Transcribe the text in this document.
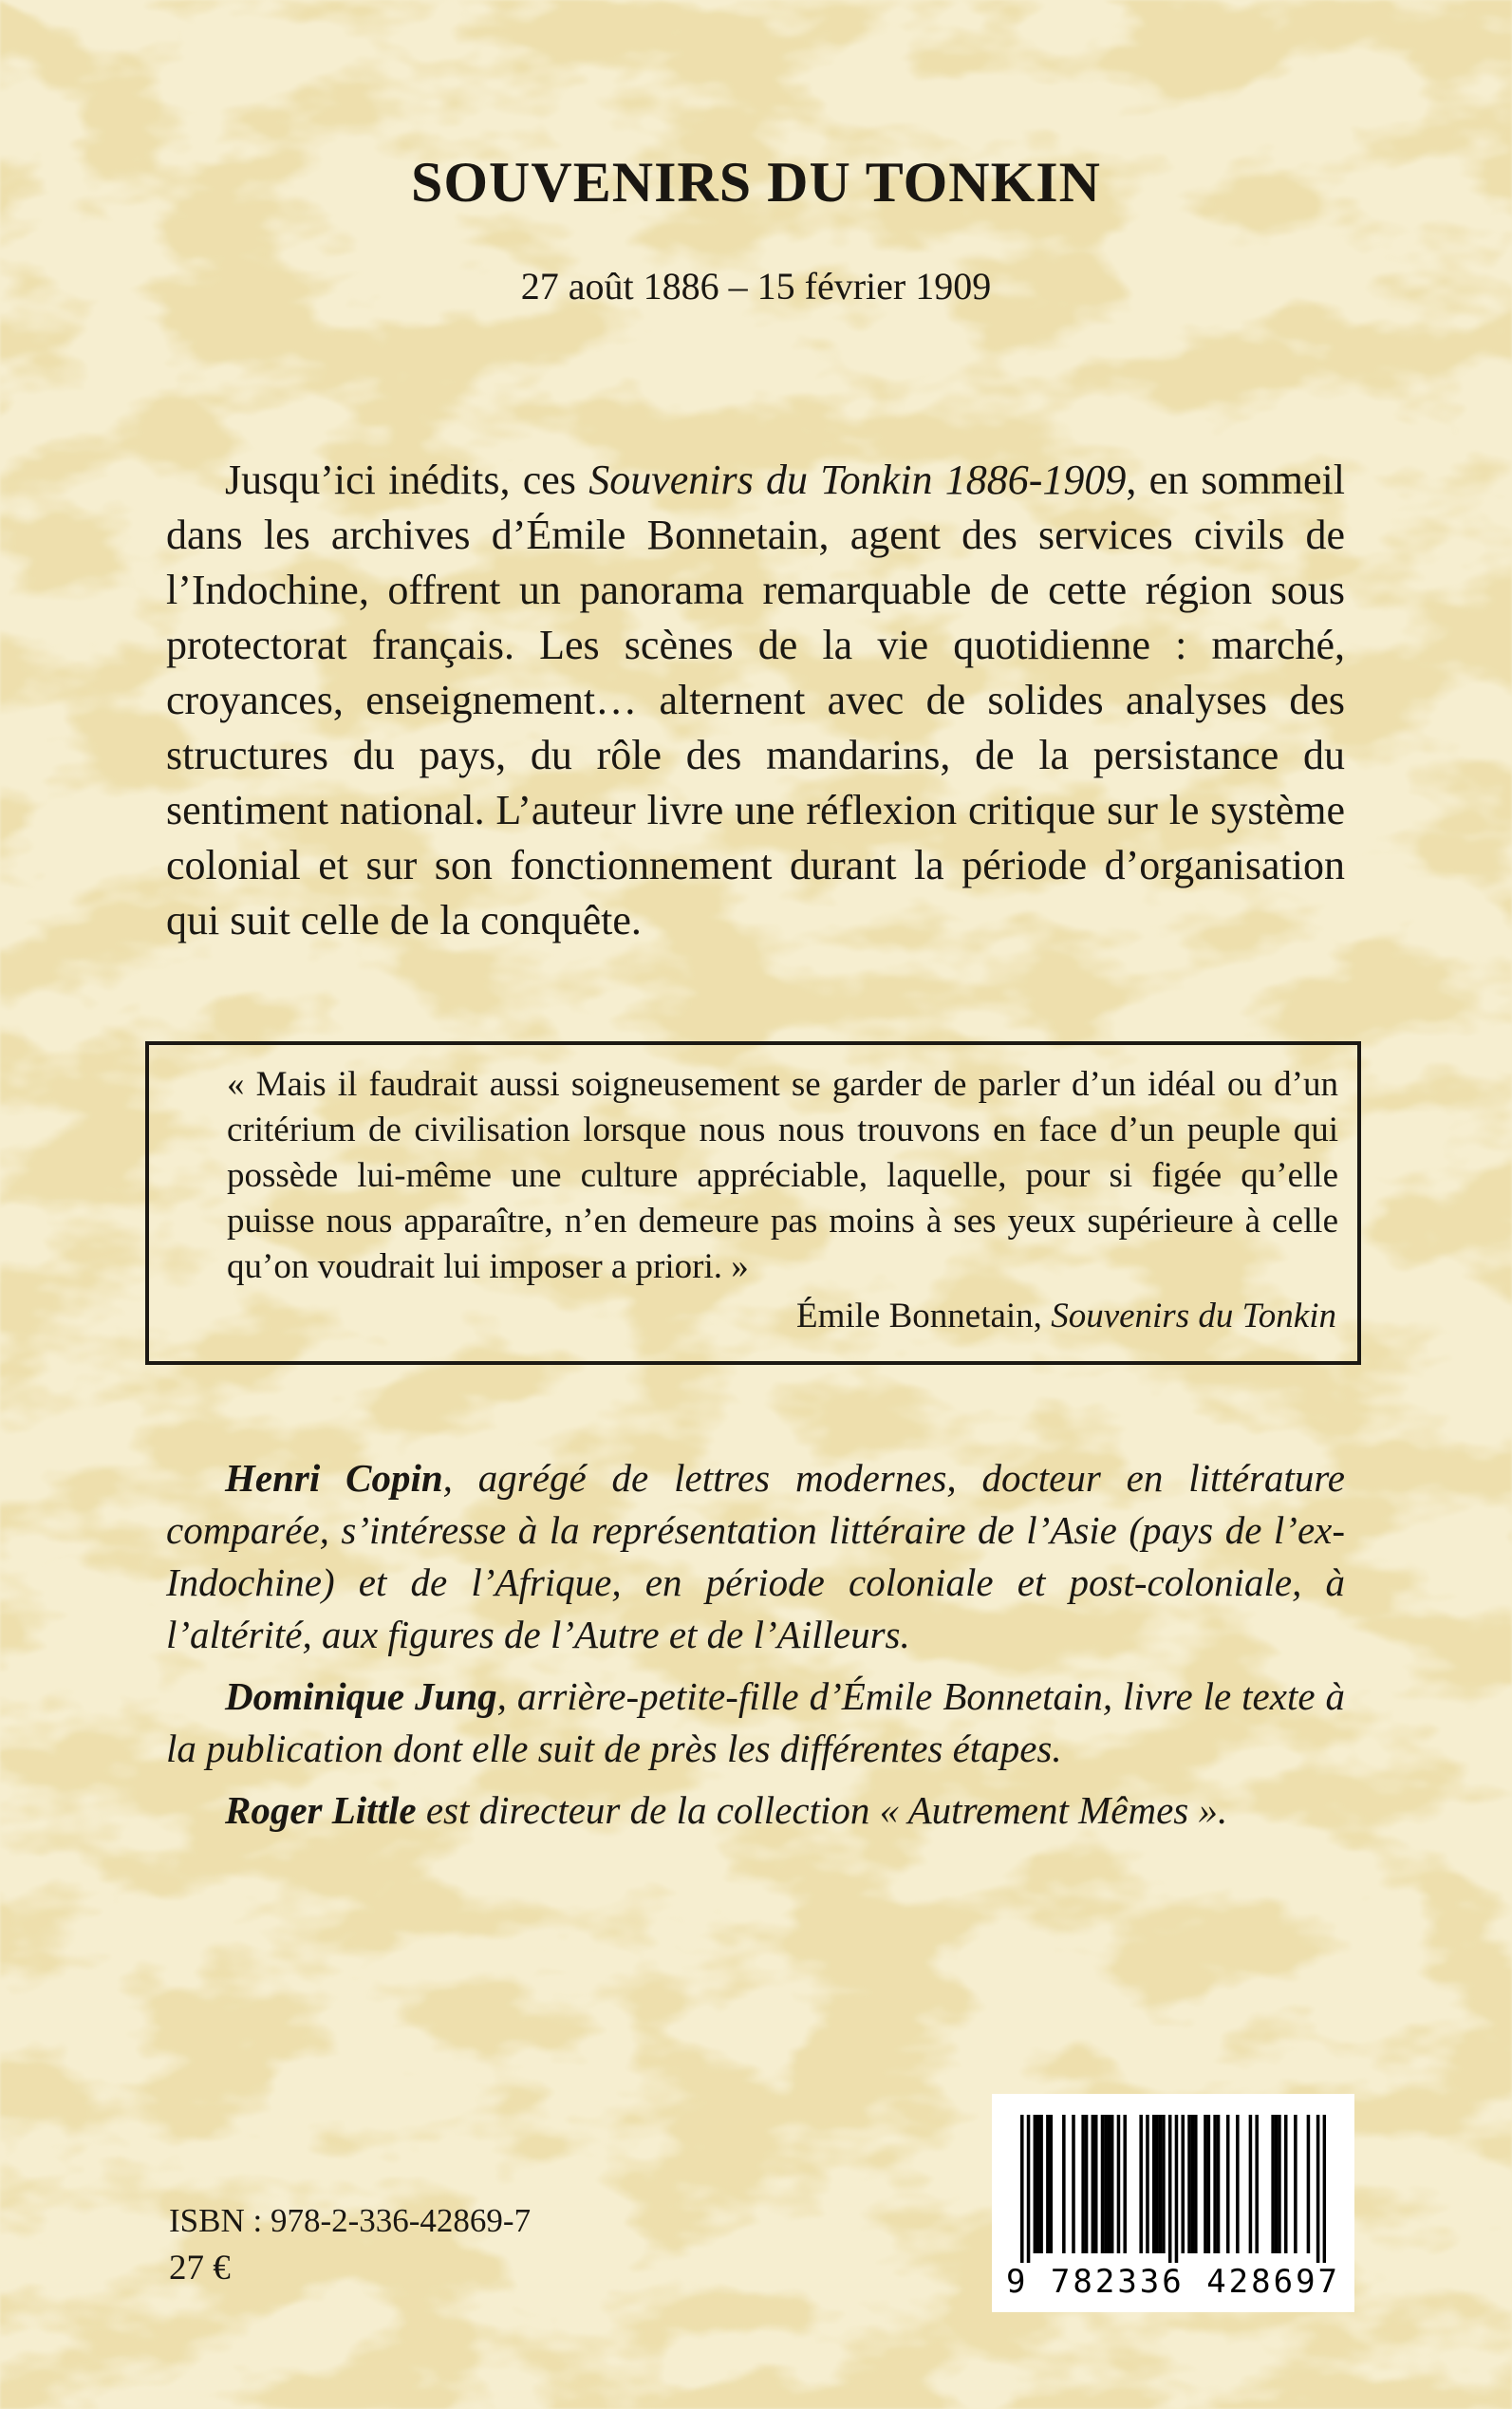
SOUVENIRS DU TONKIN
27 août 1886 – 15 février 1909

Jusqu’ici inédits, ces Souvenirs du Tonkin 1886-1909, en sommeil dans les archives d’Émile Bonnetain, agent des services civils de l’Indochine, offrent un panorama remarquable de cette région sous protectorat français. Les scènes de la vie quotidienne : marché, croyances, enseignement… alternent avec de solides analyses des structures du pays, du rôle des mandarins, de la persistance du sentiment national. L’auteur livre une réflexion critique sur le système colonial et sur son fonctionnement durant la période d’organisation qui suit celle de la conquête.

« Mais il faudrait aussi soigneusement se garder de parler d’un idéal ou d’un critérium de civilisation lorsque nous nous trouvons en face d’un peuple qui possède lui-même une culture appréciable, laquelle, pour si figée qu’elle puisse nous apparaître, n’en demeure pas moins à ses yeux supérieure à celle qu’on voudrait lui imposer a priori. »

Émile Bonnetain, Souvenirs du Tonkin

Henri Copin, agrégé de lettres modernes, docteur en littérature comparée, s’intéresse à la représentation littéraire de l’Asie (pays de l’ex-Indochine) et de l’Afrique, en période coloniale et post-coloniale, à l’altérité, aux figures de l’Autre et de l’Ailleurs.

Dominique Jung, arrière-petite-fille d’Émile Bonnetain, livre le texte à la publication dont elle suit de près les différentes étapes.

Roger Little est directeur de la collection « Autrement Mêmes ».

ISBN : 978-2-336-42869-7
27 €	9 782336 428697
